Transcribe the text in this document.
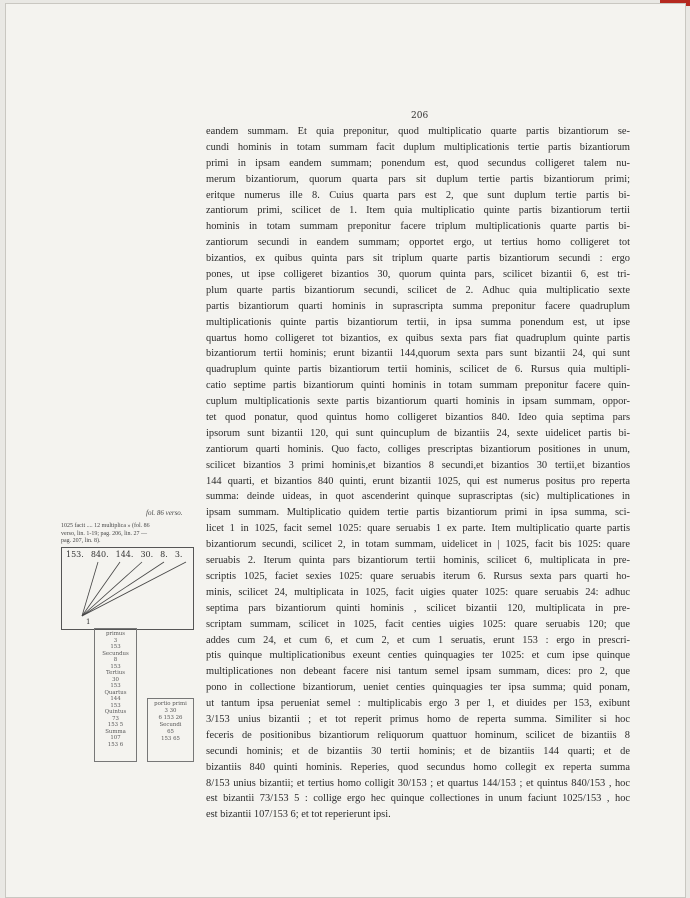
206
eandem summam. Et quia preponitur, quod multiplicatio quarte partis bizantiorum se-
cundi hominis in totam summam facit duplum multiplicationis tertie partis bizantiorum
primi in ipsam eandem summam; ponendum est, quod secundus colligeret talem nu-
merum bizantiorum, quorum quarta pars sit duplum tertie partis bizantiorum primi;
eritque numerus ille 8. Cuius quarta pars est 2, que sunt duplum tertie partis bi-
zantiorum primi, scilicet de 1. Item quia multiplicatio quinte partis bizantiorum tertii
hominis in totam summam preponitur facere triplum multiplicationis quarte partis bi-
zantiorum secundi in eandem summam; opportet ergo, ut tertius homo colligeret tot
bizantios, ex quibus quinta pars sit triplum quarte partis bizantiorum secundi : ergo
pones, ut ipse colligeret bizantios 30, quorum quinta pars, scilicet bizantii 6, est tri-
plum quarte partis bizantiorum secundi, scilicet de 2. Adhuc quia multiplicatio sexte
partis bizantiorum quarti hominis in suprascripta summa preponitur facere quadruplum
multiplicationis quinte partis bizantiorum tertii, in ipsa summa ponendum est, ut ipse
quartus homo colligeret tot bizantios, ex quibus sexta pars fiat quadruplum quinte partis
bizantiorum tertii hominis; erunt bizantii 144,quorum sexta pars sunt bizantii 24, qui sunt
quadruplum quinte partis bizantiorum tertii hominis, scilicet de 6. Rursus quia multipli-
catio septime partis bizantiorum quinti hominis in totam summam preponitur facere quin-
cuplum multiplicationis sexte partis bizantiorum quarti hominis in ipsam summam, oppor-
tet quod ponatur, quod quintus homo colligeret bizantios 840. Ideo quia septima pars
ipsorum sunt bizantii 120, qui sunt quincuplum de bizantiis 24, sexte uidelicet partis bi-
zantiorum quarti hominis. Quo facto, colliges prescriptas bizantiorum positiones in unum,
scilicet bizantios 3 primi hominis,et bizantios 8 secundi,et bizantios 30 tertii,et bizantios
144 quarti, et bizantios 840 quinti, erunt bizantii 1025, qui est numerus positus pro reperta
summa: deinde uideas, in quot ascenderint quinque suprascriptas (sic) multiplicationes in
ipsam summam. Multiplicatio quidem tertie partis bizantiorum primi in ipsa summa, sci-
licet 1 in 1025, facit semel 1025: quare seruabis 1 ex parte. Item multiplicatio quarte partis
bizantiorum secundi, scilicet 2, in totam summam, uidelicet in | 1025, facit bis 1025: quare
seruabis 2. Iterum quinta pars bizantiorum tertii hominis, scilicet 6, multiplicata in pre-
scriptis 1025, faciet sexies 1025: quare seruabis iterum 6. Rursus sexta pars quarti ho-
minis, scilicet 24, multiplicata in 1025, facit uigies quater 1025: quare seruabis 24: adhuc
septima pars bizantiorum quinti hominis , scilicet bizantii 120, multiplicata in pre-
scriptam summam, scilicet in 1025, facit centies uigies 1025: quare seruabis 120; que
addes cum 24, et cum 6, et cum 2, et cum 1 seruatis, erunt 153 : ergo in prescri-
ptis quinque multiplicationibus exeunt centies quinquagies ter 1025: et cum ipse quinque
multiplicationes non debeant facere nisi tantum semel ipsam summam, dices: pro 2, que
pono in collectione bizantiorum, ueniet centies quinquagies ter ipsa summa; quid ponam,
ut tantum ipsa perueniat semel : multiplicabis ergo 3 per 1, et diuides per 153, exibunt
3/153 unius bizantii ; et tot reperit primus homo de reperta summa. Similiter si hoc
feceris de positionibus bizantiorum reliquorum quattuor hominum, scilicet de bizantiis 8
secundi hominis; et de bizantiis 30 tertii hominis; et de bizantiis 144 quarti; et de
bizantiis 840 quinti hominis. Reperies, quod secundus homo collegit ex reperta summa
8/153 unius bizantii; et tertius homo colligit 30/153 ; et quartus 144/153 ; et quintus 840/153 , hoc
est bizantii 73/153 5 : collige ergo hec quinque collectiones in unum faciunt 1025/153 , hoc
est bizantii 107/153 6; et tot reperierunt ipsi.
fol. 86 verso.
1025 facit .... 12 multiplica » (fol. 86
verso, lin. 1-19; pag. 206, lin. 27 —
pag. 207, lin. 8).
153. 840. 144. 30. 8. 3.
1
primus
3
153
Secundus
8
153
Tertius
30
153
Quartus
144
153
Quintus
73
153 5
Summa
107
153 6
portio primi
3 30
6 153 26
Secundi
65
153 65
